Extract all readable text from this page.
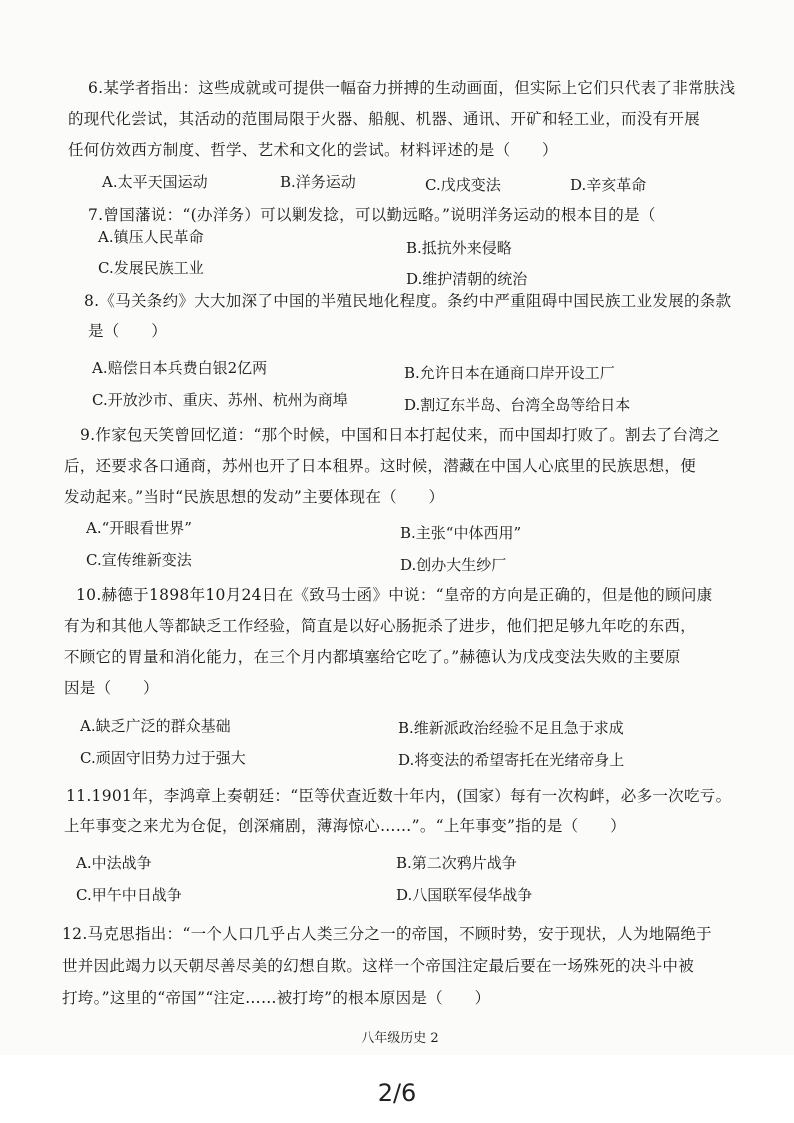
6.某学者指出：这些成就或可提供一幅奋力拼搏的生动画面，但实际上它们只代表了非常肤浅
的现代化尝试，其活动的范围局限于火器、船舰、机器、通讯、开矿和轻工业，而没有开展
任何仿效西方制度、哲学、艺术和文化的尝试。材料评述的是（　　）
A.太平天国运动	B.洋务运动	C.戊戌变法	D.辛亥革命
7.曾国藩说：“(办洋务）可以剿发捻，可以勤远略。”说明洋务运动的根本目的是（
A.镇压人民革命
B.抵抗外来侵略
C.发展民族工业
D.维护清朝的统治
8.《马关条约》大大加深了中国的半殖民地化程度。条约中严重阻碍中国民族工业发展的条款
是（　　）
A.赔偿日本兵费白银2亿两	B.允许日本在通商口岸开设工厂
C.开放沙市、重庆、苏州、杭州为商埠	D.割辽东半岛、台湾全岛等给日本
9.作家包天笑曾回忆道：“那个时候，中国和日本打起仗来，而中国却打败了。割去了台湾之
后，还要求各口通商，苏州也开了日本租界。这时候，潜藏在中国人心底里的民族思想，便
发动起来。”当时“民族思想的发动”主要体现在（　　）
A.“开眼看世界”	B.主张“中体西用”
C.宣传维新变法	D.创办大生纱厂
10.赫德于1898年10月24日在《致马士函》中说：“皇帝的方向是正确的，但是他的顾问康
有为和其他人等都缺乏工作经验，简直是以好心肠扼杀了进步，他们把足够九年吃的东西，
不顾它的胃量和消化能力，在三个月内都填塞给它吃了。”赫德认为戊戌变法失败的主要原
因是（　　）
A.缺乏广泛的群众基础	B.维新派政治经验不足且急于求成
C.顽固守旧势力过于强大	D.将变法的希望寄托在光绪帝身上
11.1901年，李鸿章上奏朝廷：“臣等伏查近数十年内，(国家）每有一次构衅，必多一次吃亏。
上年事变之来尤为仓促，创深痛剧，薄海惊心……”。“上年事变”指的是（　　）
A.中法战争	B.第二次鸦片战争
C.甲午中日战争	D.八国联军侵华战争
12.马克思指出：“一个人口几乎占人类三分之一的帝国，不顾时势，安于现状，人为地隔绝于
世并因此竭力以天朝尽善尽美的幻想自欺。这样一个帝国注定最后要在一场殊死的决斗中被
打垮。”这里的“帝国”“注定……被打垮”的根本原因是（　　）
八年级历史 2
2/6
